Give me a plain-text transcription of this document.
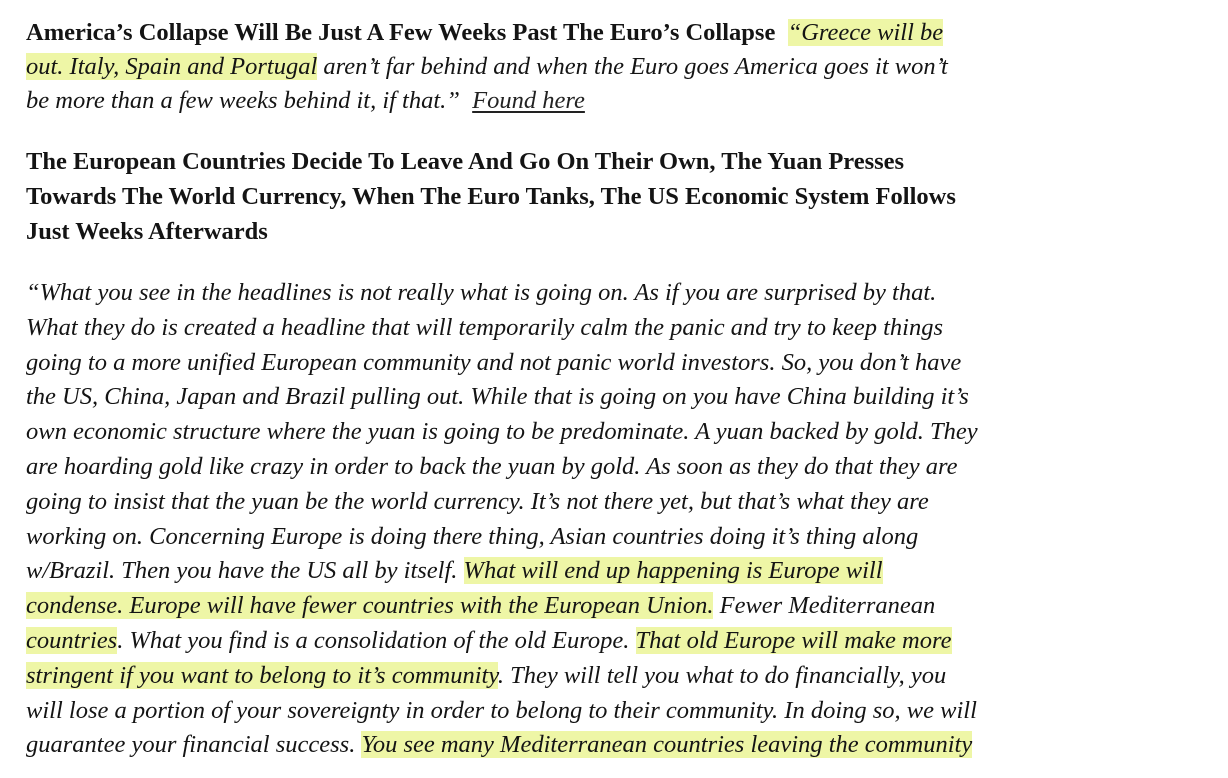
America’s Collapse Will Be Just A Few Weeks Past The Euro’s Collapse “Greece will be
out. Italy, Spain and Portugal aren’t far behind and when the Euro goes America goes it won’t
be more than a few weeks behind it, if that.” Found here

The European Countries Decide To Leave And Go On Their Own, The Yuan Presses
Towards The World Currency, When The Euro Tanks, The US Economic System Follows
Just Weeks Afterwards
“What you see in the headlines is not really what is going on. As if you are surprised by that.
What they do is created a headline that will temporarily calm the panic and try to keep things
going to a more unified European community and not panic world investors. So, you don’t have
the US, China, Japan and Brazil pulling out. While that is going on you have China building it’s
own economic structure where the yuan is going to be predominate. A yuan backed by gold. They
are hoarding gold like crazy in order to back the yuan by gold. As soon as they do that they are
going to insist that the yuan be the world currency. It’s not there yet, but that’s what they are
working on. Concerning Europe is doing there thing, Asian countries doing it’s thing along
w/Brazil. Then you have the US all by itself. What will end up happening is Europe will
condense. Europe will have fewer countries with the European Union. Fewer Mediterranean
countries. What you find is a consolidation of the old Europe. That old Europe will make more
stringent if you want to belong to it’s community. They will tell you what to do financially, you
will lose a portion of your sovereignty in order to belong to their community. In doing so, we will
guarantee your financial success. You see many Mediterranean countries leaving the community
